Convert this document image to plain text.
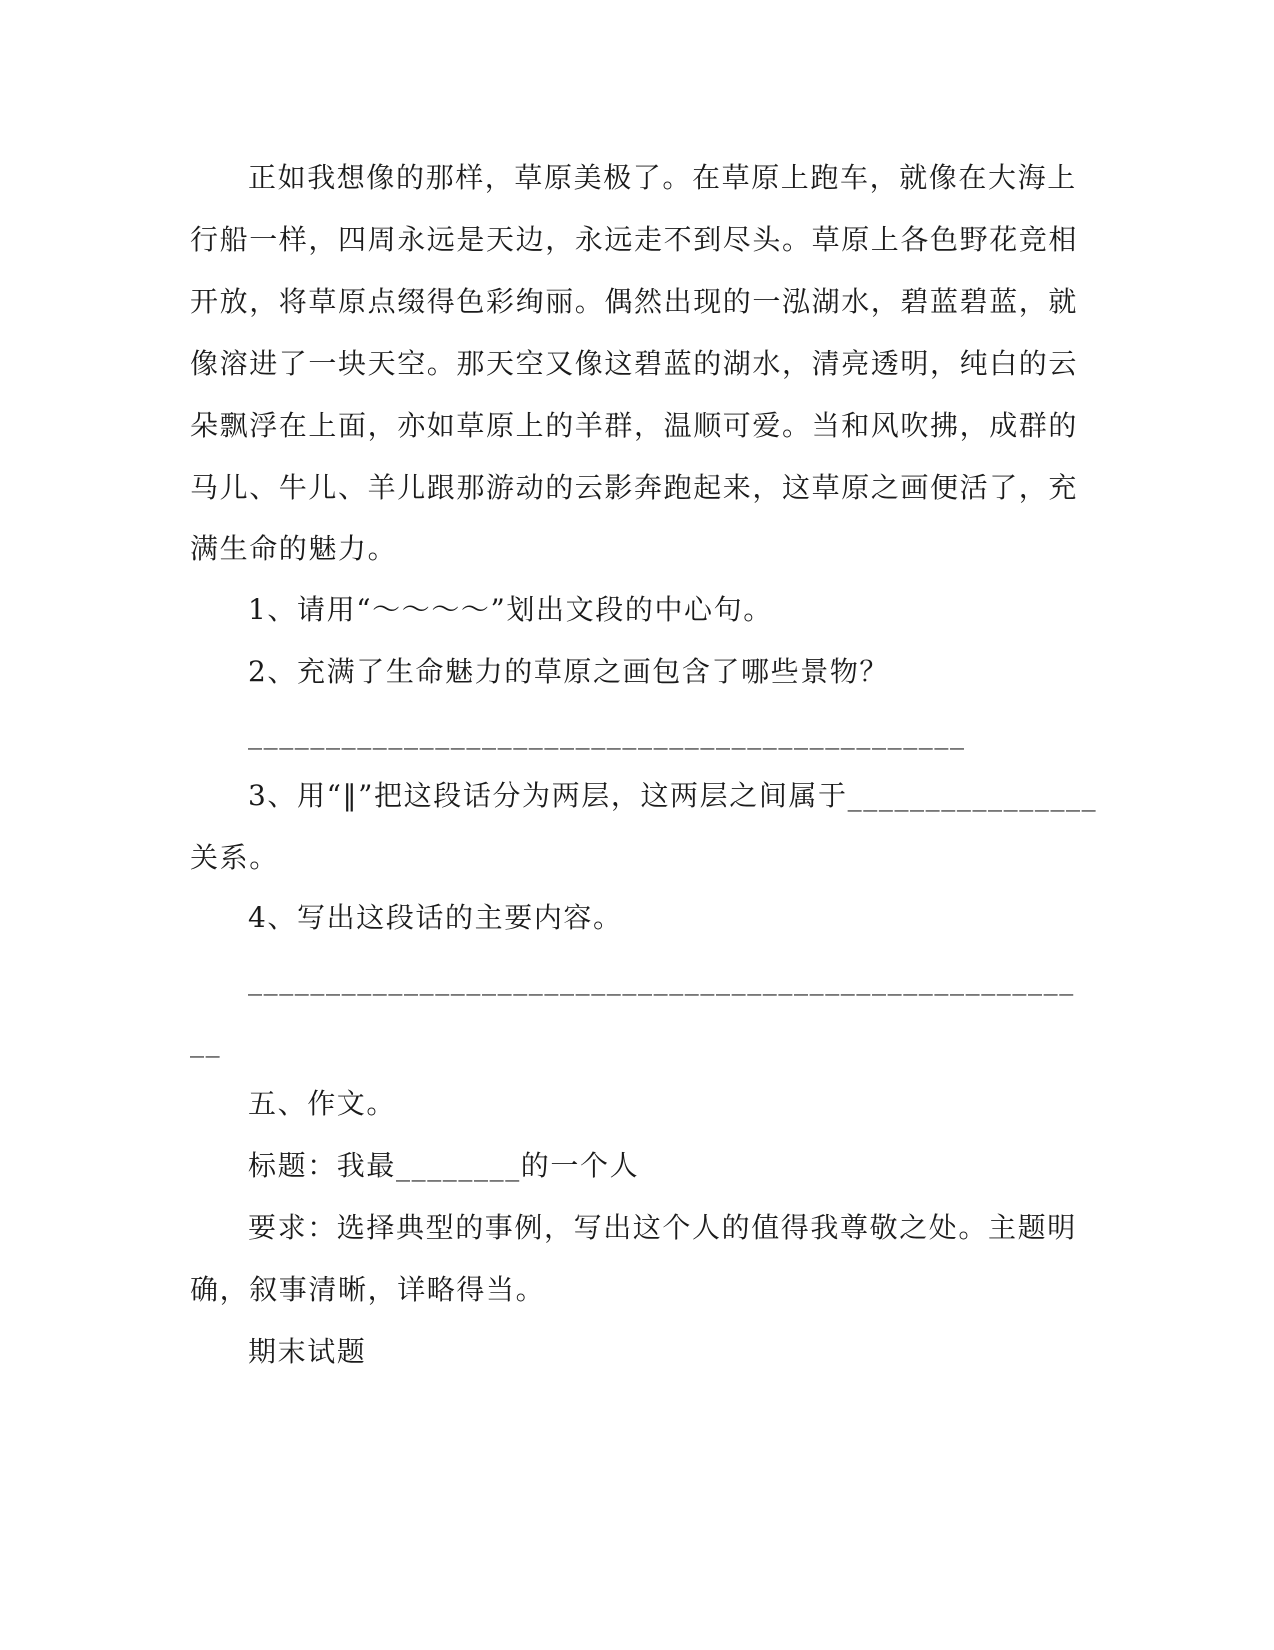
正如我想像的那样，草原美极了。在草原上跑车，就像在大海上
行船一样，四周永远是天边，永远走不到尽头。草原上各色野花竞相
开放，将草原点缀得色彩绚丽。偶然出现的一泓湖水，碧蓝碧蓝，就
像溶进了一块天空。那天空又像这碧蓝的湖水，清亮透明，纯白的云
朵飘浮在上面，亦如草原上的羊群，温顺可爱。当和风吹拂，成群的
马儿、牛儿、羊儿跟那游动的云影奔跑起来，这草原之画便活了，充
满生命的魅力。
1、请用“～～～～”划出文段的中心句。
2、充满了生命魅力的草原之画包含了哪些景物？
______________________________________________
3、用“‖”把这段话分为两层，这两层之间属于________________
关系。
4、写出这段话的主要内容。
_____________________________________________________
__
五、作文。
标题：我最________的一个人
要求：选择典型的事例，写出这个人的值得我尊敬之处。主题明
确，叙事清晰，详略得当。
期末试题
